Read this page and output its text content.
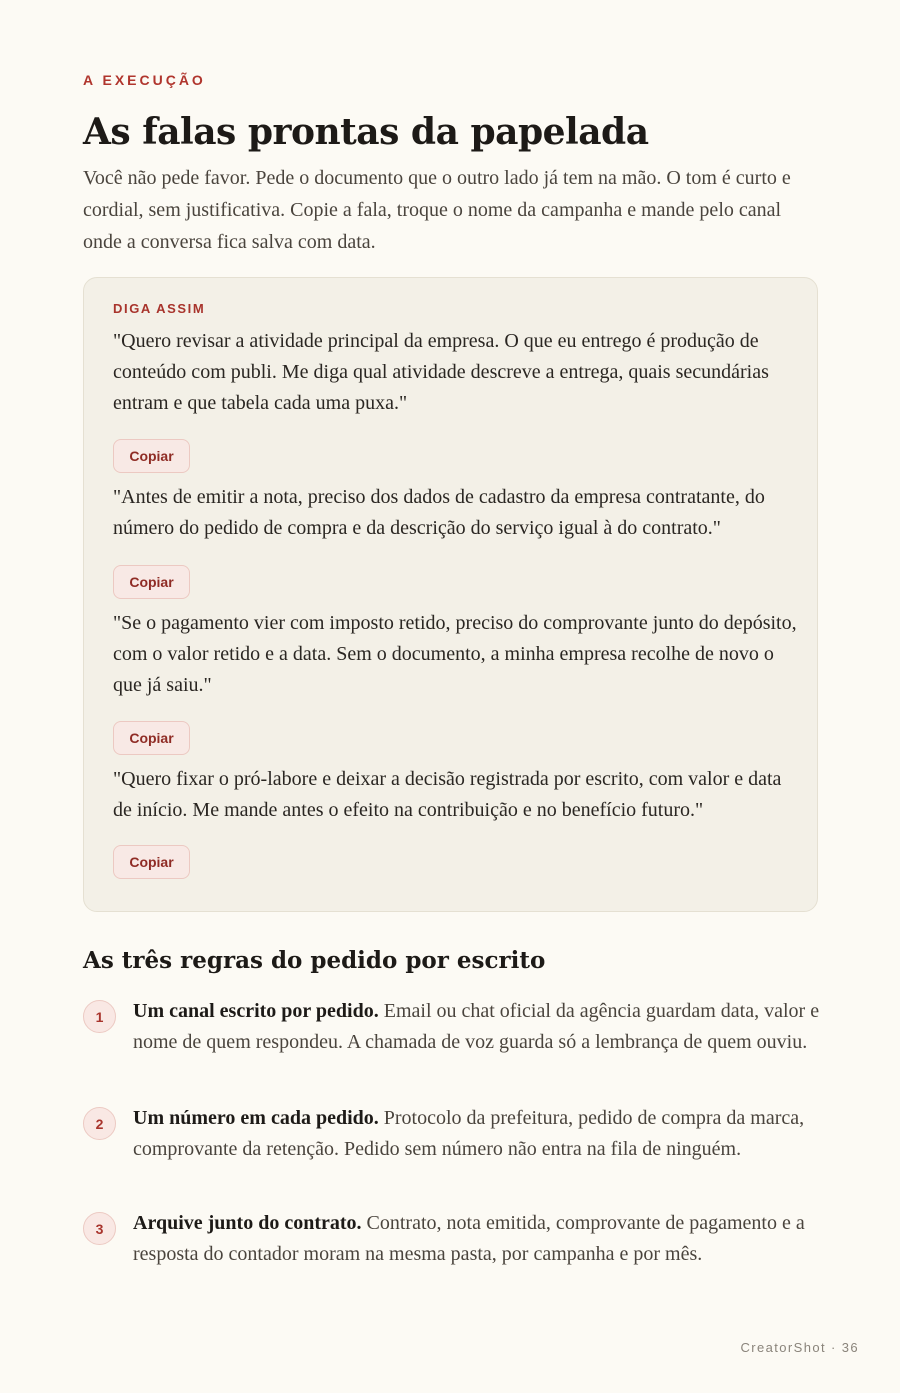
A EXECUÇÃO
As falas prontas da papelada

Você não pede favor. Pede o documento que o outro lado já tem na mão. O tom é curto e cordial, sem justificativa. Copie a fala, troque o nome da campanha e mande pelo canal onde a conversa fica salva com data.

DIGA ASSIM

"Quero revisar a atividade principal da empresa. O que eu entrego é produção de conteúdo com publi. Me diga qual atividade descreve a entrega, quais secundárias entram e que tabela cada uma puxa."

Copiar

"Antes de emitir a nota, preciso dos dados de cadastro da empresa contratante, do número do pedido de compra e da descrição do serviço igual à do contrato."

Copiar

"Se o pagamento vier com imposto retido, preciso do comprovante junto do depósito, com o valor retido e a data. Sem o documento, a minha empresa recolhe de novo o que já saiu."

Copiar

"Quero fixar o pró-labore e deixar a decisão registrada por escrito, com valor e data de início. Me mande antes o efeito na contribuição e no benefício futuro."

Copiar
As três regras do pedido por escrito
1	Um canal escrito por pedido. Email ou chat oficial da agência guardam data, valor e nome de quem respondeu. A chamada de voz guarda só a lembrança de quem ouviu.

2	Um número em cada pedido. Protocolo da prefeitura, pedido de compra da marca, comprovante da retenção. Pedido sem número não entra na fila de ninguém.

3	Arquive junto do contrato. Contrato, nota emitida, comprovante de pagamento e a resposta do contador moram na mesma pasta, por campanha e por mês.

CreatorShot · 36
